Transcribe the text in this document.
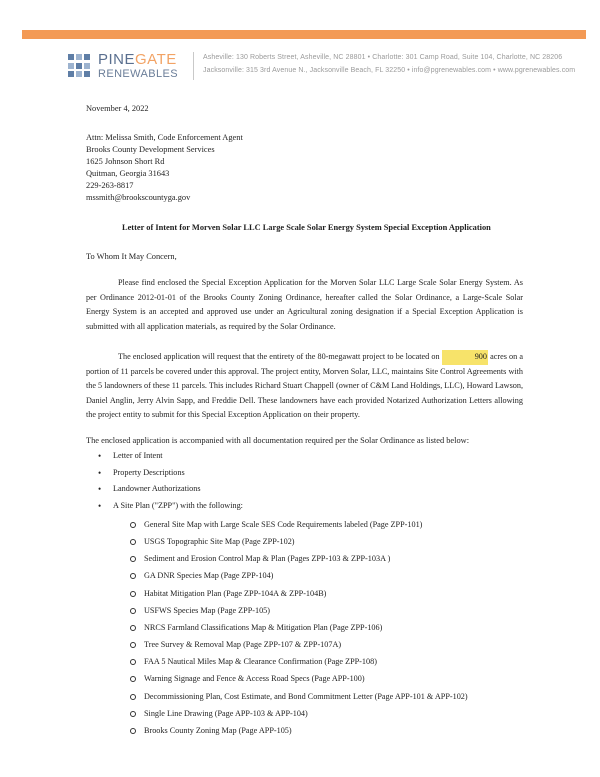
PINEGATE
RENEWABLES
Asheville: 130 Roberts Street, Asheville, NC 28801 • Charlotte: 301 Camp Road, Suite 104, Charlotte, NC 28206
Jacksonville: 315 3rd Avenue N., Jacksonville Beach, FL 32250 • info@pgrenewables.com • www.pgrenewables.com
November 4, 2022
Attn: Melissa Smith, Code Enforcement Agent
Brooks County Development Services
1625 Johnson Short Rd
Quitman, Georgia 31643
229-263-8817
mssmith@brookscountyga.gov
Letter of Intent for Morven Solar LLC Large Scale Solar Energy System Special Exception Application
To Whom It May Concern,
Please find enclosed the Special Exception Application for the Morven Solar LLC Large Scale Solar Energy System. As per Ordinance 2012-01-01 of the Brooks County Zoning Ordinance, hereafter called the Solar Ordinance, a Large-Scale Solar Energy System is an accepted and approved use under an Agricultural zoning designation if a Special Exception Application is submitted with all application materials, as required by the Solar Ordinance.
The enclosed application will request that the entirety of the 80-megawatt project to be located on	900 acres on a portion of 11 parcels be covered under this approval. The project entity, Morven Solar, LLC, maintains Site Control Agreements with the 5 landowners of these 11 parcels. This includes Richard Stuart Chappell (owner of C&M Land Holdings, LLC), Howard Lawson, Daniel Anglin, Jerry Alvin Sapp, and Freddie Dell. These landowners have each provided Notarized Authorization Letters allowing the project entity to submit for this Special Exception Application on their property.
The enclosed application is accompanied with all documentation required per the Solar Ordinance as listed below:
• Letter of Intent
• Property Descriptions
• Landowner Authorizations
• A Site Plan ("ZPP") with the following:
General Site Map with Large Scale SES Code Requirements labeled (Page ZPP-101)
USGS Topographic Site Map (Page ZPP-102)
Sediment and Erosion Control Map & Plan (Pages ZPP-103 & ZPP-103A )
GA DNR Species Map (Page ZPP-104)
Habitat Mitigation Plan (Page ZPP-104A & ZPP-104B)
USFWS Species Map (Page ZPP-105)
NRCS Farmland Classifications Map & Mitigation Plan (Page ZPP-106)
Tree Survey & Removal Map (Page ZPP-107 & ZPP-107A)
FAA 5 Nautical Miles Map & Clearance Confirmation (Page ZPP-108)
Warning Signage and Fence & Access Road Specs (Page APP-100)
Decommissioning Plan, Cost Estimate, and Bond Commitment Letter (Page APP-101 & APP-102)
Single Line Drawing (Page APP-103 & APP-104)
Brooks County Zoning Map (Page APP-105)
